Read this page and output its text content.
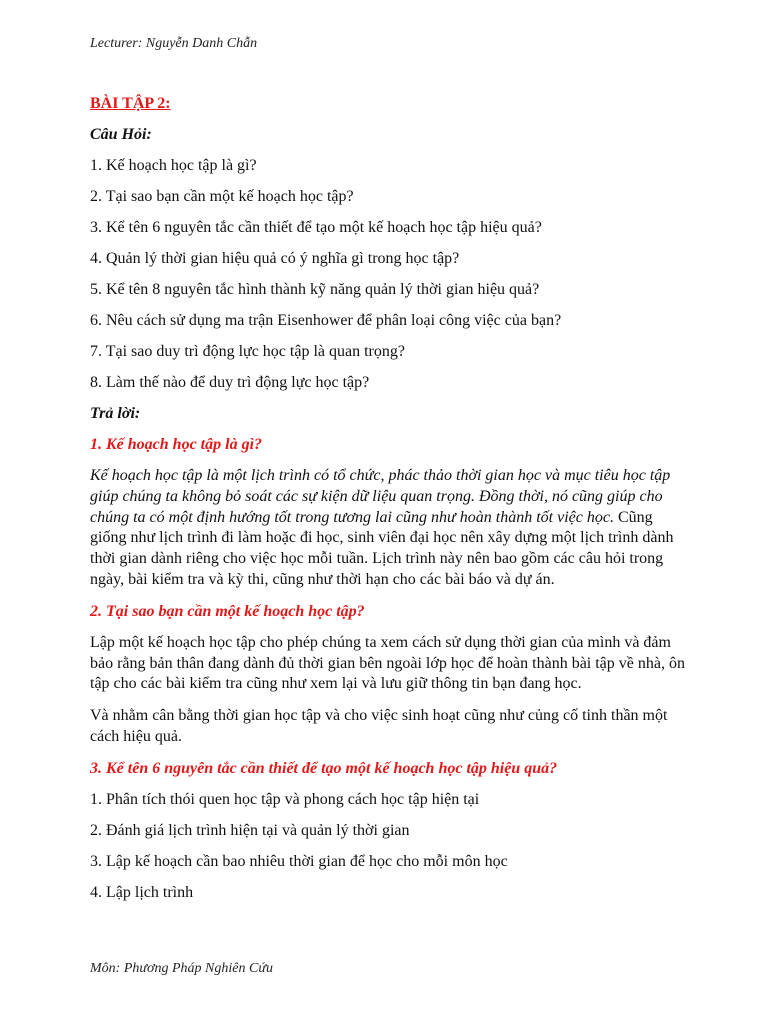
Lecturer: Nguyễn Danh Chẫn
BÀI TẬP 2:
Câu Hỏi:
1. Kế hoạch học tập là gì?
2. Tại sao bạn cần một kế hoạch học tập?
3. Kể tên 6 nguyên tắc cần thiết để tạo một kế hoạch học tập hiệu quả?
4. Quản lý thời gian hiệu quả có ý nghĩa gì trong học tập?
5. Kể tên 8 nguyên tắc hình thành kỹ năng quản lý thời gian hiệu quả?
6. Nêu cách sử dụng ma trận Eisenhower để phân loại công việc của bạn?
7. Tại sao duy trì động lực học tập là quan trọng?
8. Làm thế nào để duy trì động lực học tập?
Trả lời:
1. Kế hoạch học tập là gì?
Kế hoạch học tập là một lịch trình có tổ chức, phác thảo thời gian học và mục tiêu học tập giúp chúng ta không bỏ soát các sự kiện dữ liệu quan trọng. Đồng thời, nó cũng giúp cho chúng ta có một định hướng tốt trong tương lai cũng như hoàn thành tốt việc học. Cũng giống như lịch trình đi làm hoặc đi học, sinh viên đại học nên xây dựng một lịch trình dành thời gian dành riêng cho việc học mỗi tuần. Lịch trình này nên bao gồm các câu hỏi trong ngày, bài kiểm tra và kỳ thi, cũng như thời hạn cho các bài báo và dự án.
2. Tại sao bạn cần một kế hoạch học tập?
Lập một kế hoạch học tập cho phép chúng ta xem cách sử dụng thời gian của mình và đảm bảo rằng bản thân đang dành đủ thời gian bên ngoài lớp học để hoàn thành bài tập về nhà, ôn tập cho các bài kiểm tra cũng như xem lại và lưu giữ thông tin bạn đang học.
Và nhằm cân bằng thời gian học tập và cho việc sinh hoạt cũng như củng cố tinh thần một cách hiệu quả.
3. Kể tên 6 nguyên tắc cần thiết để tạo một kế hoạch học tập hiệu quả?
1. Phân tích thói quen học tập và phong cách học tập hiện tại
2. Đánh giá lịch trình hiện tại và quản lý thời gian
3. Lập kế hoạch cần bao nhiêu thời gian để học cho mỗi môn học
4. Lập lịch trình
Môn: Phương Pháp Nghiên Cứu
